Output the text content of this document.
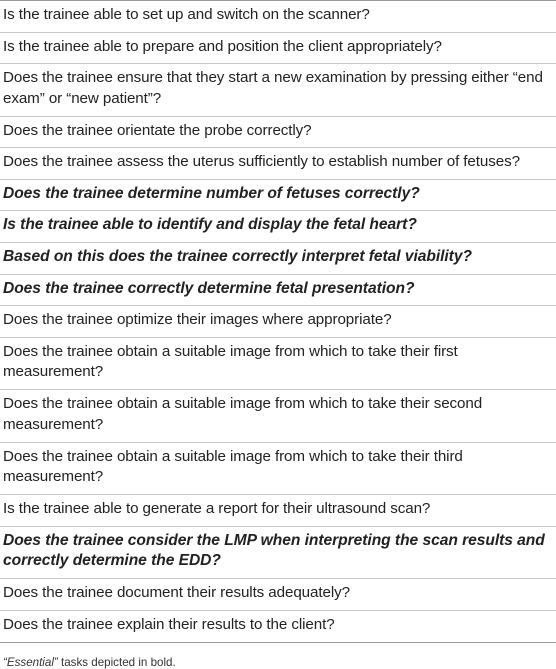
Is the trainee able to set up and switch on the scanner?
Is the trainee able to prepare and position the client appropriately?
Does the trainee ensure that they start a new examination by pressing either “end exam” or “new patient”?
Does the trainee orientate the probe correctly?
Does the trainee assess the uterus sufficiently to establish number of fetuses?
Does the trainee determine number of fetuses correctly?
Is the trainee able to identify and display the fetal heart?
Based on this does the trainee correctly interpret fetal viability?
Does the trainee correctly determine fetal presentation?
Does the trainee optimize their images where appropriate?
Does the trainee obtain a suitable image from which to take their first measurement?
Does the trainee obtain a suitable image from which to take their second measurement?
Does the trainee obtain a suitable image from which to take their third measurement?
Is the trainee able to generate a report for their ultrasound scan?
Does the trainee consider the LMP when interpreting the scan results and correctly determine the EDD?
Does the trainee document their results adequately?
Does the trainee explain their results to the client?
“Essential” tasks depicted in bold.
